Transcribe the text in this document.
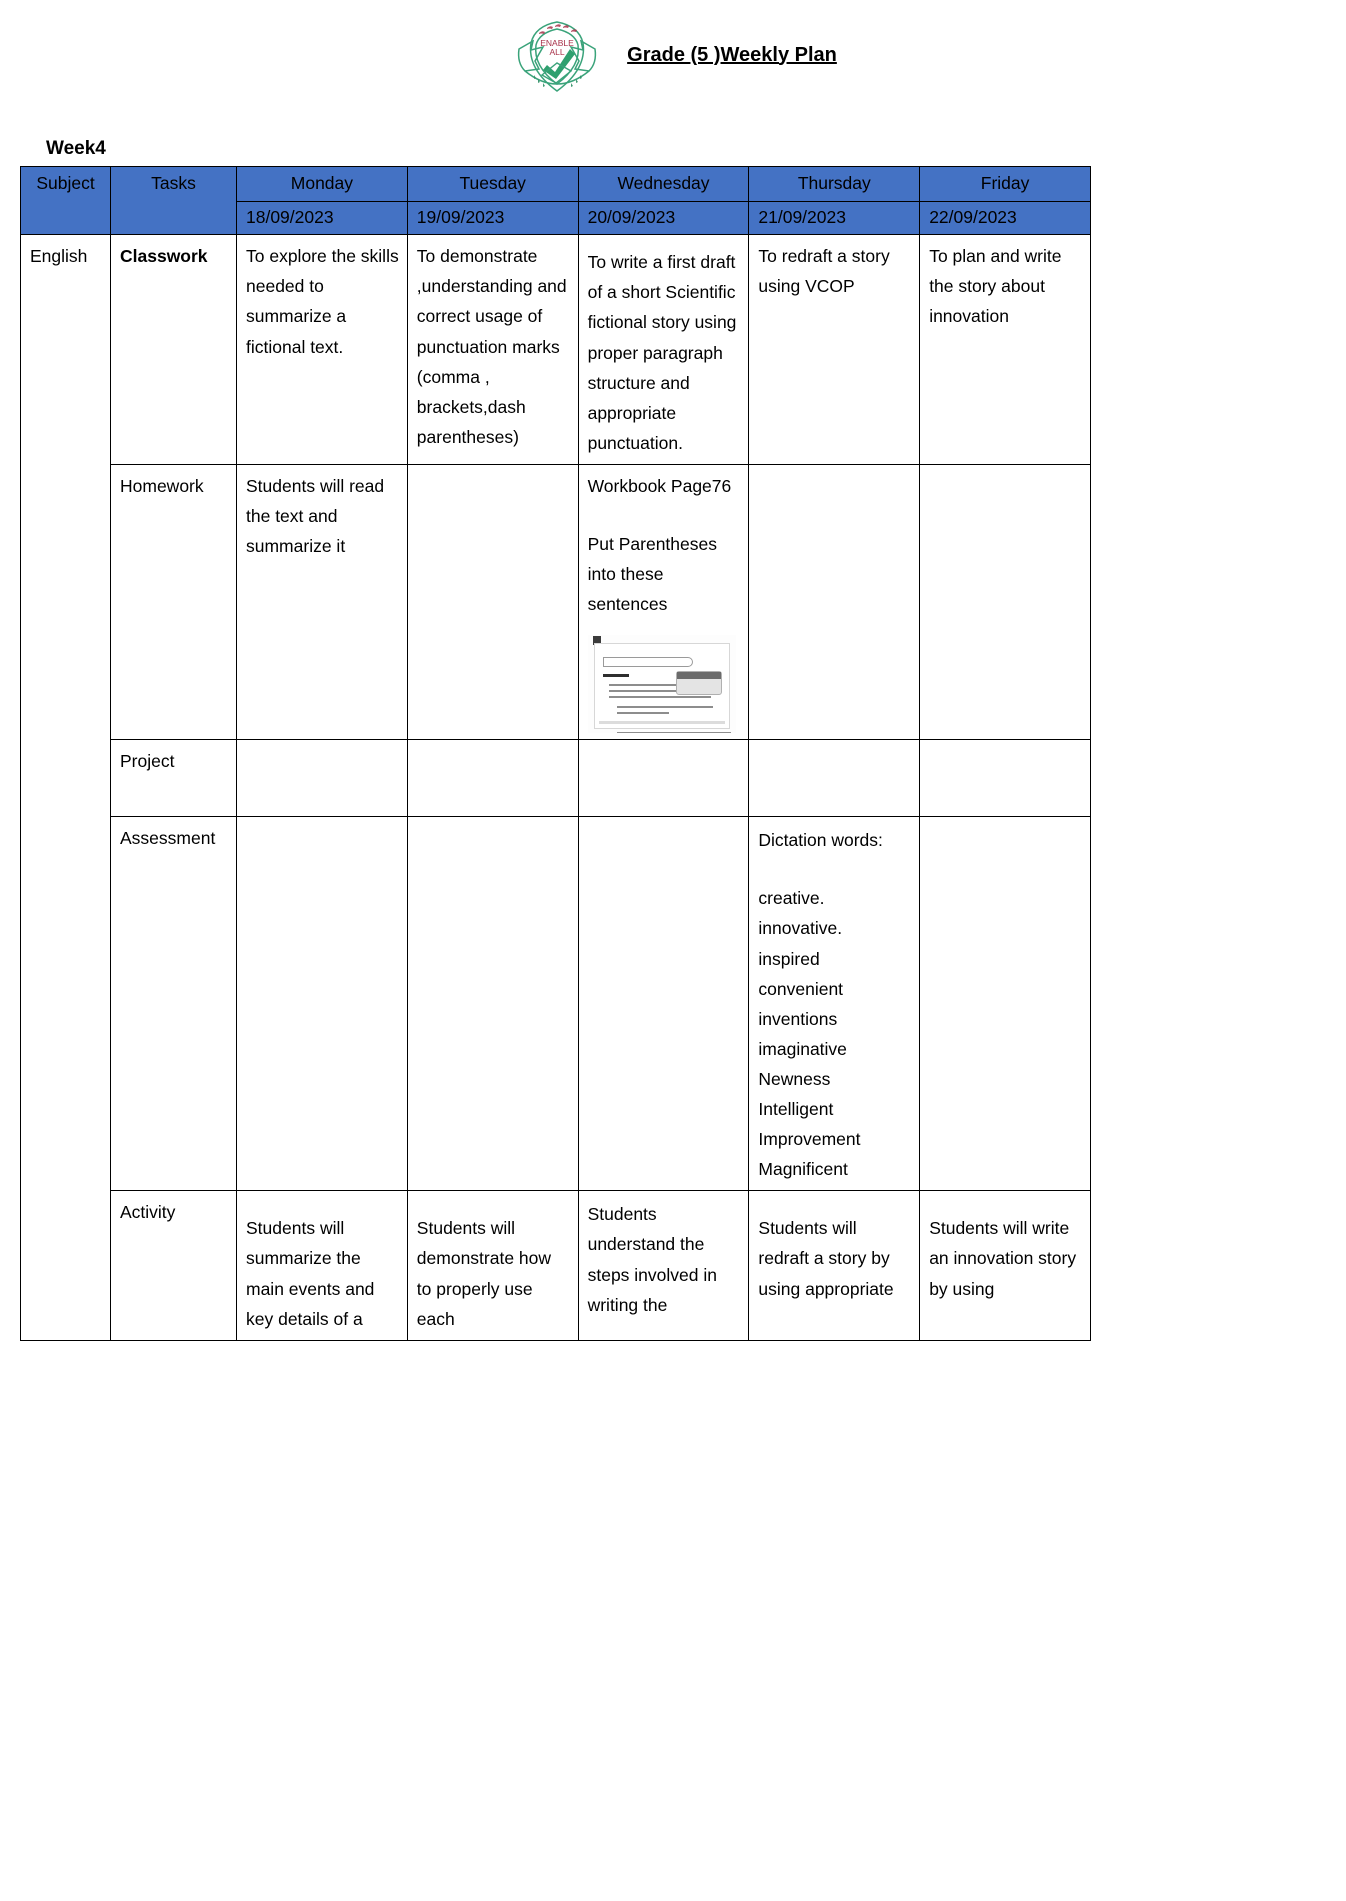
ENABLE
ALL	Grade (5 )Weekly Plan
Week4
Subject	Tasks	Monday	Tuesday	Wednesday	Thursday	Friday
		18/09/2023	19/09/2023	20/09/2023	21/09/2023	22/09/2023
English	Classwork	To explore the skills needed to summarize a fictional text.	To demonstrate ,understanding and correct usage of punctuation marks (comma , brackets,dash parentheses)	To write a first draft of a short Scientific fictional story using proper paragraph structure and appropriate punctuation.	To redraft a story using VCOP	To plan and write the story about innovation
	Homework	Students will read the text and summarize it		Workbook Page76

Put Parentheses into these sentences		

	Project					
Assessment				Dictation words:

creative.
innovative.
inspired
convenient
inventions
imaginative
Newness
Intelligent
Improvement
Magnificent

	Activity	Students will summarize the main events and key details of a	Students will demonstrate how to properly use each	Students understand the steps involved in writing the	Students will redraft a story by using appropriate	Students will write an innovation story by using
